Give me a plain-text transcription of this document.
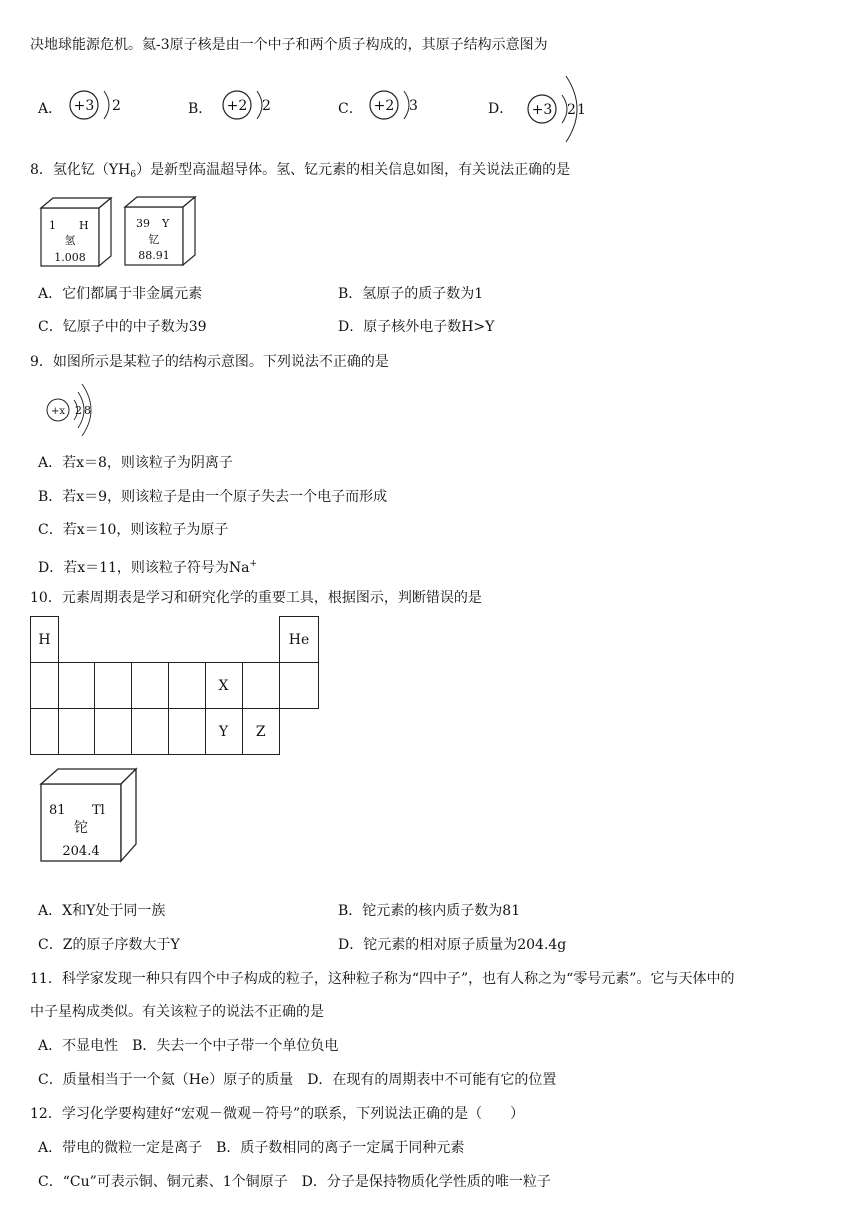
决地球能源危机。氦-3原子核是由一个中子和两个质子构成的，其原子结构示意图为
A． +3 2	B． +2 2	C． +2 3	D． +3 2 1
8．氢化钇$(YH_6)$是新型高温超导体。氢、钇元素的相关信息如图，有关说法正确的是
1 H
氢
1.008
39 Y
钇
88.91
A．它们都属于非金属元素	B．氢原子的质子数为1
C．钇原子中的中子数为39	D．原子核外电子数H>Y
9．如图所示是某粒子的结构示意图。下列说法不正确的是
+x 2 8
A．若x＝8，则该粒子为阴离子
B．若x＝9，则该粒子是由一个原子失去一个电子而形成
C．若x＝10，则该粒子为原子
D．若x＝11，则该粒子符号为Na+
10．元素周期表是学习和研究化学的重要工具，根据图示，判断错误的是
H							He
					X		
					Y	Z	
81 Tl
铊
204.4
A．X和Y处于同一族	B．铊元素的核内质子数为81
C．Z的原子序数大于Y	D．铊元素的相对原子质量为204.4g
11．科学家发现一种只有四个中子构成的粒子，这种粒子称为“四中子”，也有人称之为“零号元素”。它与天体中的
中子星构成类似。有关该粒子的说法不正确的是
A．不显电性　B．失去一个中子带一个单位负电
C．质量相当于一个氦（He）原子的质量　D．在现有的周期表中不可能有它的位置
12．学习化学要构建好“宏观－微观－符号”的联系，下列说法正确的是（　　）
A．带电的微粒一定是离子　B．质子数相同的离子一定属于同种元素
C．“Cu”可表示铜、铜元素、1个铜原子　D．分子是保持物质化学性质的唯一粒子
